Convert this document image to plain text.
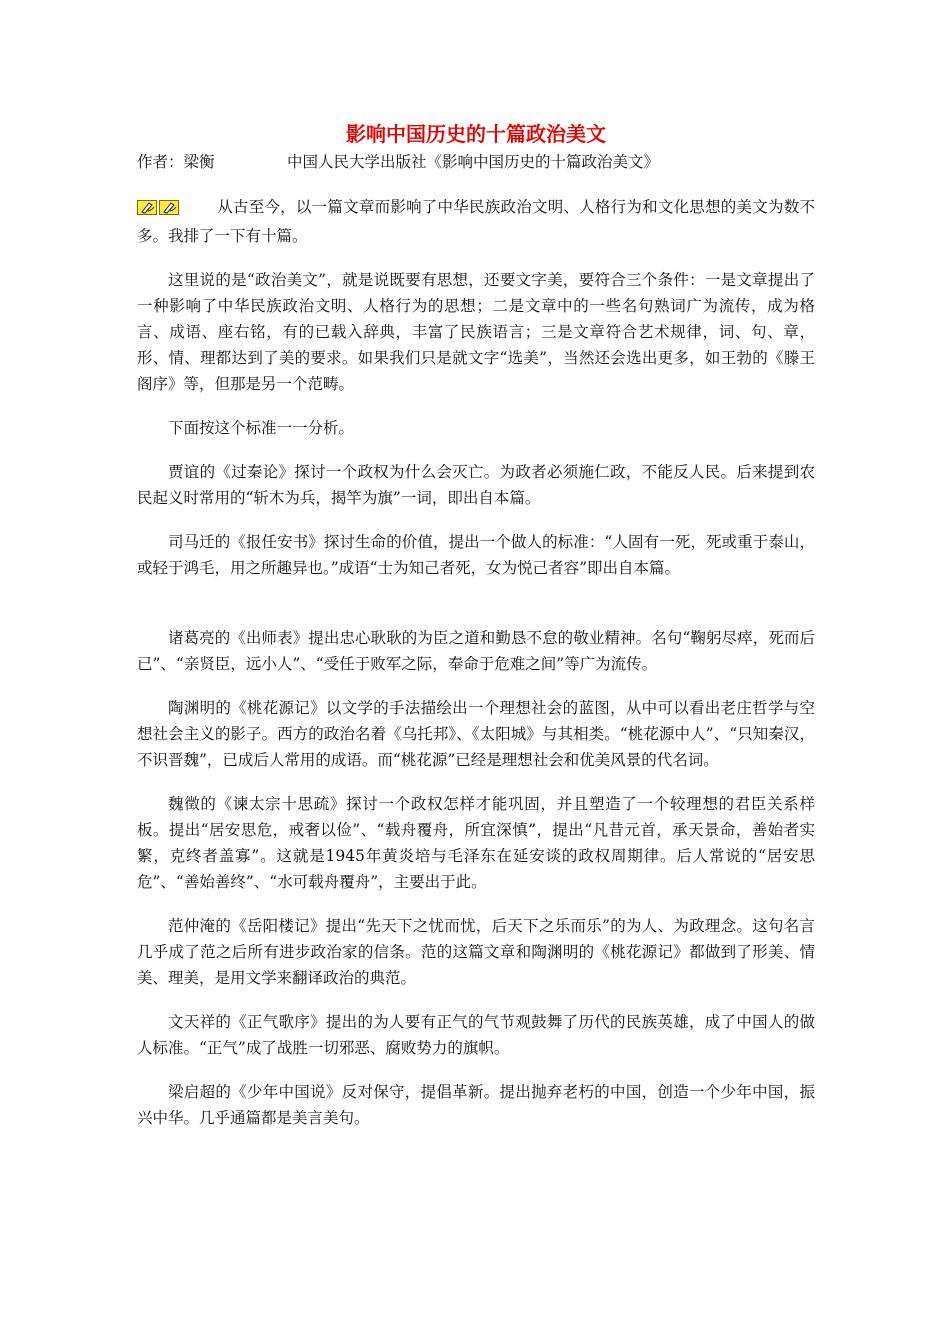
影响中国历史的十篇政治美文
作者：梁衡	中国人民大学出版社《影响中国历史的十篇政治美文》
从古至今，以一篇文章而影响了中华民族政治文明、人格行为和文化思想的美文为数不多。我排了一下有十篇。

这里说的是“政治美文”，就是说既要有思想，还要文字美，要符合三个条件：一是文章提出了一种影响了中华民族政治文明、人格行为的思想；二是文章中的一些名句熟词广为流传，成为格言、成语、座右铭，有的已载入辞典，丰富了民族语言；三是文章符合艺术规律，词、句、章，形、情、理都达到了美的要求。如果我们只是就文字“选美”，当然还会选出更多，如王勃的《滕王阁序》等，但那是另一个范畴。

下面按这个标准一一分析。

贾谊的《过秦论》探讨一个政权为什么会灭亡。为政者必须施仁政，不能反人民。后来提到农民起义时常用的“斩木为兵，揭竿为旗”一词，即出自本篇。

司马迁的《报任安书》探讨生命的价值，提出一个做人的标准：“人固有一死，死或重于泰山，或轻于鸿毛，用之所趣异也。”成语“士为知己者死，女为悦己者容”即出自本篇。

诸葛亮的《出师表》提出忠心耿耿的为臣之道和勤恳不怠的敬业精神。名句“鞠躬尽瘁，死而后已”、“亲贤臣，远小人”、“受任于败军之际，奉命于危难之间”等广为流传。

陶渊明的《桃花源记》以文学的手法描绘出一个理想社会的蓝图，从中可以看出老庄哲学与空想社会主义的影子。西方的政治名着《乌托邦》、《太阳城》与其相类。“桃花源中人”、“只知秦汉，不识晋魏”，已成后人常用的成语。而“桃花源”已经是理想社会和优美风景的代名词。

魏徵的《谏太宗十思疏》探讨一个政权怎样才能巩固，并且塑造了一个较理想的君臣关系样板。提出“居安思危，戒奢以俭”、“载舟覆舟，所宜深慎”，提出“凡昔元首，承天景命，善始者实繁，克终者盖寡”。这就是1945年黄炎培与毛泽东在延安谈的政权周期律。后人常说的“居安思危”、“善始善终”、“水可载舟覆舟”，主要出于此。

范仲淹的《岳阳楼记》提出“先天下之忧而忧，后天下之乐而乐”的为人、为政理念。这句名言几乎成了范之后所有进步政治家的信条。范的这篇文章和陶渊明的《桃花源记》都做到了形美、情美、理美，是用文学来翻译政治的典范。

文天祥的《正气歌序》提出的为人要有正气的气节观鼓舞了历代的民族英雄，成了中国人的做人标准。“正气”成了战胜一切邪恶、腐败势力的旗帜。

梁启超的《少年中国说》反对保守，提倡革新。提出抛弃老朽的中国，创造一个少年中国，振兴中华。几乎通篇都是美言美句。
